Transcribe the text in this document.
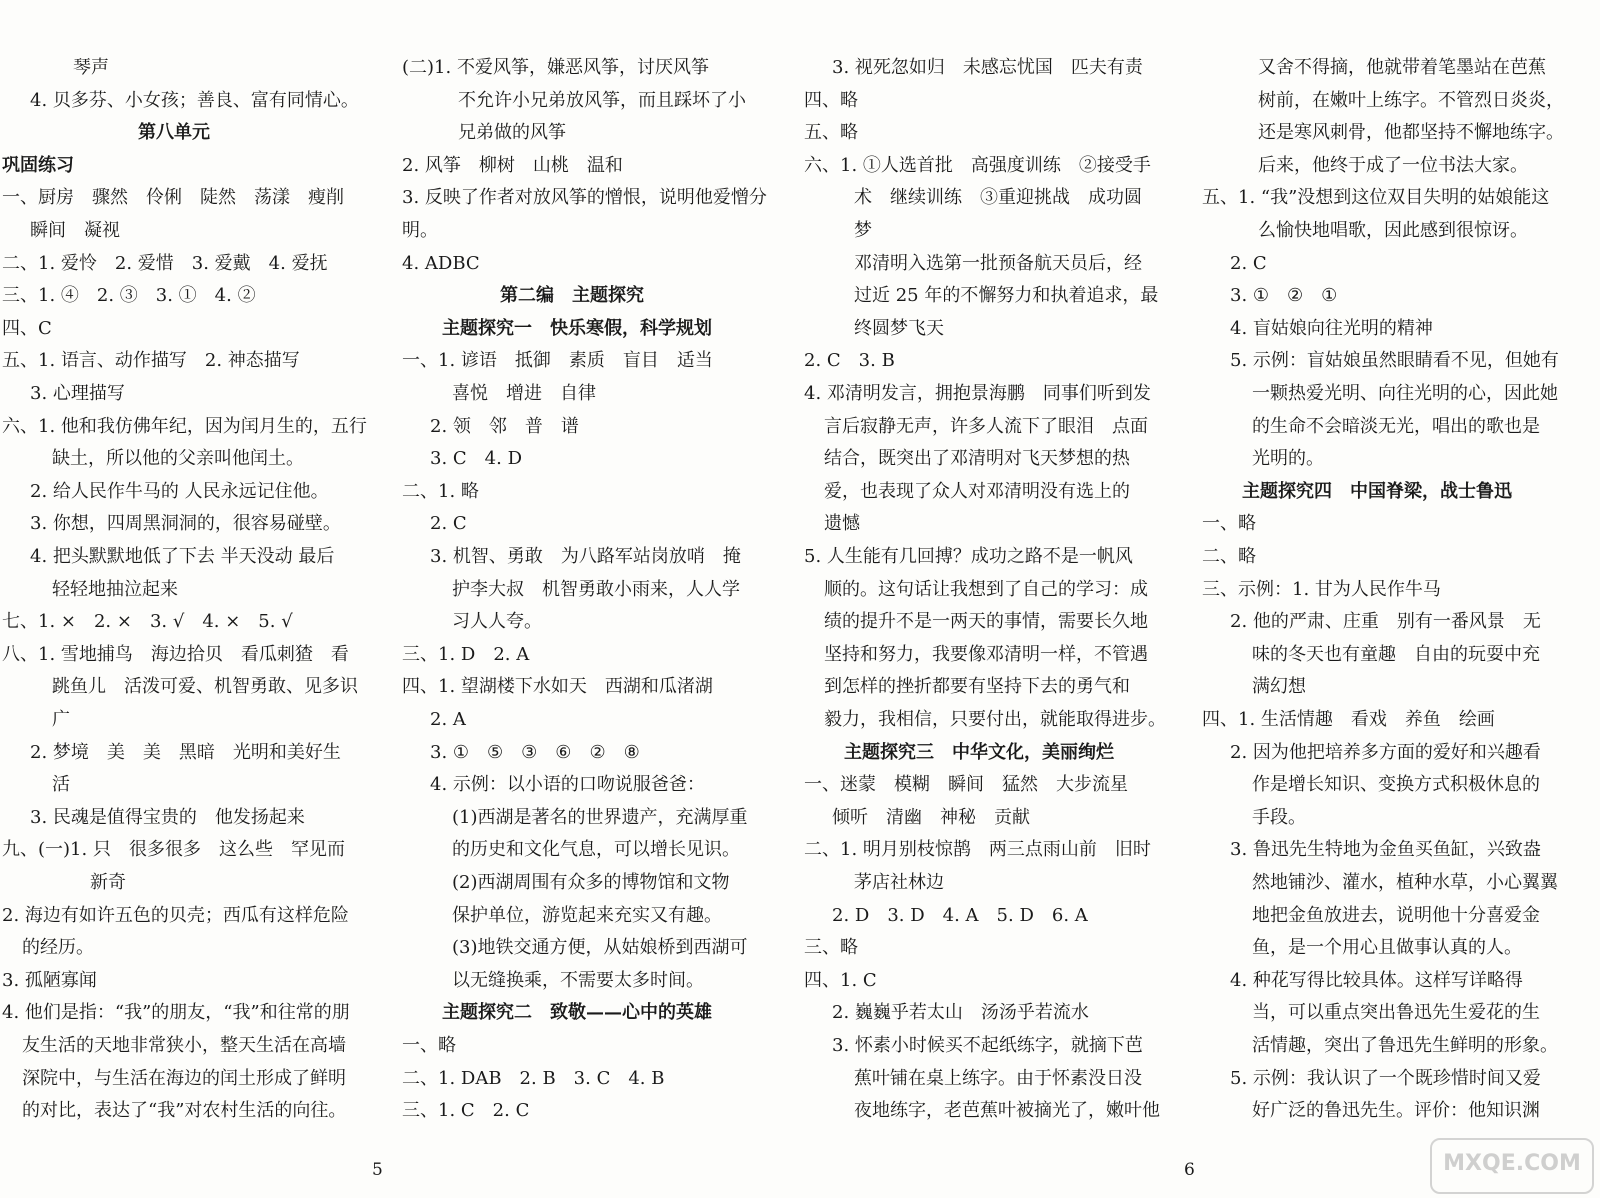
琴声
4. 贝多芬、小女孩；善良、富有同情心。
第八单元
巩固练习
一、厨房　骤然　伶俐　陡然　荡漾　瘦削
瞬间　凝视
二、1. 爱怜　2. 爱惜　3. 爱戴　4. 爱抚
三、1. ④　2. ③　3. ①　4. ②
四、C
五、1. 语言、动作描写　2. 神态描写
3. 心理描写
六、1. 他和我仿佛年纪，因为闰月生的，五行
缺土，所以他的父亲叫他闰土。
2. 给人民作牛马的 人民永远记住他。
3. 你想，四周黑洞洞的，很容易碰壁。
4. 把头默默地低了下去 半天没动 最后
轻轻地抽泣起来
七、1. ×　2. ×　3. √　4. ×　5. √
八、1. 雪地捕鸟　海边拾贝　看瓜刺猹　看
跳鱼儿　活泼可爱、机智勇敢、见多识
广
2. 梦境　美　美　黑暗　光明和美好生
活
3. 民魂是值得宝贵的　他发扬起来
九、(一)1. 只　很多很多　这么些　罕见而
新奇
2. 海边有如许五色的贝壳；西瓜有这样危险
的经历。
3. 孤陋寡闻
4. 他们是指：“我”的朋友，“我”和往常的朋
友生活的天地非常狭小，整天生活在高墙
深院中，与生活在海边的闰土形成了鲜明
的对比，表达了“我”对农村生活的向往。
(二)1. 不爱风筝，嫌恶风筝，讨厌风筝
不允许小兄弟放风筝，而且踩坏了小
兄弟做的风筝
2. 风筝　柳树　山桃　温和
3. 反映了作者对放风筝的憎恨，说明他爱憎分
明。
4. ADBC
第二编　主题探究
主题探究一　快乐寒假，科学规划
一、1. 谚语　抵御　素质　盲目　适当
喜悦　增进　自律
2. 领　邻　普　谱
3. C　4. D
二、1. 略
2. C
3. 机智、勇敢　为八路军站岗放哨　掩
护李大叔　机智勇敢小雨来，人人学
习人人夸。
三、1. D　2. A
四、1. 望湖楼下水如天　西湖和瓜渚湖
2. A
3. ①　⑤　③　⑥　②　⑧
4. 示例：以小语的口吻说服爸爸：
(1)西湖是著名的世界遗产，充满厚重
的历史和文化气息，可以增长见识。
(2)西湖周围有众多的博物馆和文物
保护单位，游览起来充实又有趣。
(3)地铁交通方便，从姑娘桥到西湖可
以无缝换乘，不需要太多时间。
主题探究二　致敬——心中的英雄
一、略
二、1. DAB　2. B　3. C　4. B
三、1. C　2. C
3. 视死忽如归　未感忘忧国　匹夫有责
四、略
五、略
六、1. ①人选首批　高强度训练　②接受手
术　继续训练　③重迎挑战　成功圆
梦
邓清明入选第一批预备航天员后，经
过近 25 年的不懈努力和执着追求，最
终圆梦飞天
2. C　3. B
4. 邓清明发言，拥抱景海鹏　同事们听到发
言后寂静无声，许多人流下了眼泪　点面
结合，既突出了邓清明对飞天梦想的热
爱，也表现了众人对邓清明没有选上的
遗憾
5. 人生能有几回搏？成功之路不是一帆风
顺的。这句话让我想到了自己的学习：成
绩的提升不是一两天的事情，需要长久地
坚持和努力，我要像邓清明一样，不管遇
到怎样的挫折都要有坚持下去的勇气和
毅力，我相信，只要付出，就能取得进步。
主题探究三　中华文化，美丽绚烂
一、迷蒙　模糊　瞬间　猛然　大步流星
倾听　清幽　神秘　贡献
二、1. 明月别枝惊鹊　两三点雨山前　旧时
茅店社林边
2. D　3. D　4. A　5. D　6. A
三、略
四、1. C
2. 巍巍乎若太山　汤汤乎若流水
3. 怀素小时候买不起纸练字，就摘下芭
蕉叶铺在桌上练字。由于怀素没日没
夜地练字，老芭蕉叶被摘光了，嫩叶他
又舍不得摘，他就带着笔墨站在芭蕉
树前，在嫩叶上练字。不管烈日炎炎，
还是寒风刺骨，他都坚持不懈地练字。
后来，他终于成了一位书法大家。
五、1. “我”没想到这位双目失明的姑娘能这
么愉快地唱歌，因此感到很惊讶。
2. C
3. ①　②　①
4. 盲姑娘向往光明的精神
5. 示例：盲姑娘虽然眼睛看不见，但她有
一颗热爱光明、向往光明的心，因此她
的生命不会暗淡无光，唱出的歌也是
光明的。
主题探究四　中国脊梁，战士鲁迅
一、略
二、略
三、示例：1. 甘为人民作牛马
2. 他的严肃、庄重　别有一番风景　无
味的冬天也有童趣　自由的玩耍中充
满幻想
四、1. 生活情趣　看戏　养鱼　绘画
2. 因为他把培养多方面的爱好和兴趣看
作是增长知识、变换方式积极休息的
手段。
3. 鲁迅先生特地为金鱼买鱼缸，兴致盎
然地铺沙、灌水，植种水草，小心翼翼
地把金鱼放进去，说明他十分喜爱金
鱼，是一个用心且做事认真的人。
4. 种花写得比较具体。这样写详略得
当，可以重点突出鲁迅先生爱花的生
活情趣，突出了鲁迅先生鲜明的形象。
5. 示例：我认识了一个既珍惜时间又爱
好广泛的鲁迅先生。评价：他知识渊
5	6	MXQE.COM
